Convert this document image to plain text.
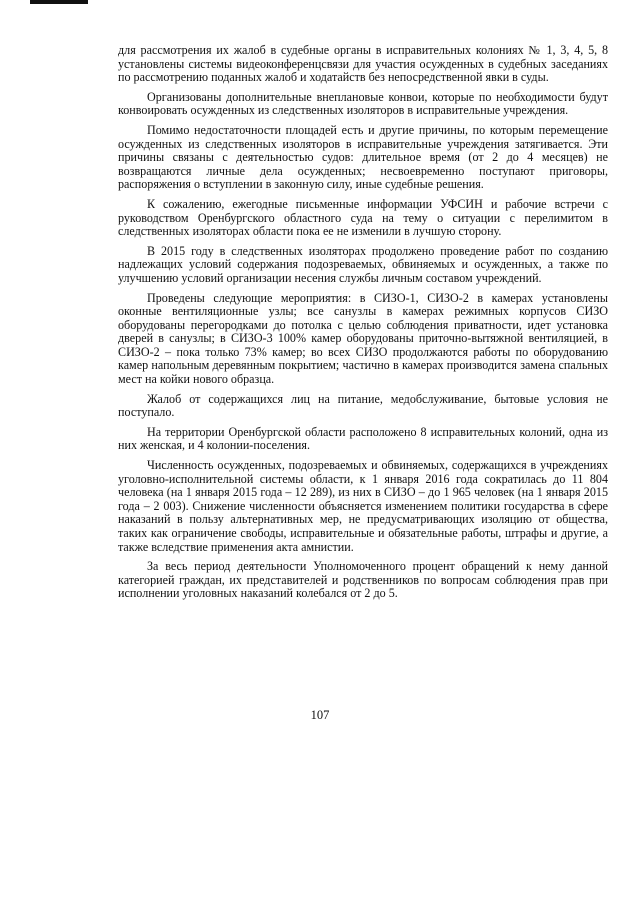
для рассмотрения их жалоб в судебные органы в исправительных колониях № 1, 3, 4, 5, 8 установлены системы видеоконференцсвязи для участия осужденных в судебных заседаниях по рассмотрению поданных жалоб и ходатайств без непосредственной явки в суды.

Организованы дополнительные внеплановые конвои, которые по необходимости будут конвоировать осужденных из следственных изоляторов в исправительные учреждения.

Помимо недостаточности площадей есть и другие причины, по которым перемещение осужденных из следственных изоляторов в исправительные учреждения затягивается. Эти причины связаны с деятельностью судов: длительное время (от 2 до 4 месяцев) не возвращаются личные дела осужденных; несвоевременно поступают приговоры, распоряжения о вступлении в законную силу, иные судебные решения.

К сожалению, ежегодные письменные информации УФСИН и рабочие встречи с руководством Оренбургского областного суда на тему о ситуации с перелимитом в следственных изоляторах области пока ее не изменили в лучшую сторону.

В 2015 году в следственных изоляторах продолжено проведение работ по созданию надлежащих условий содержания подозреваемых, обвиняемых и осужденных, а также по улучшению условий организации несения службы личным составом учреждений.

Проведены следующие мероприятия: в СИЗО-1, СИЗО-2 в камерах установлены оконные вентиляционные узлы; все санузлы в камерах режимных корпусов СИЗО оборудованы перегородками до потолка с целью соблюдения приватности, идет установка дверей в санузлы; в СИЗО-3 100% камер оборудованы приточно-вытяжной вентиляцией, в СИЗО-2 – пока только 73% камер; во всех СИЗО продолжаются работы по оборудованию камер напольным деревянным покрытием; частично в камерах производится замена спальных мест на койки нового образца.

Жалоб от содержащихся лиц на питание, медобслуживание, бытовые условия не поступало.

На территории Оренбургской области расположено 8 исправительных колоний, одна из них женская, и 4 колонии-поселения.

Численность осужденных, подозреваемых и обвиняемых, содержащихся в учреждениях уголовно-исполнительной системы области, к 1 января 2016 года сократилась до 11 804 человека (на 1 января 2015 года – 12 289), из них в СИЗО – до 1 965 человек (на 1 января 2015 года – 2 003). Снижение численности объясняется изменением политики государства в сфере наказаний в пользу альтернативных мер, не предусматривающих изоляцию от общества, таких как ограничение свободы, исправительные и обязательные работы, штрафы и другие, а также вследствие применения акта амнистии.

За весь период деятельности Уполномоченного процент обращений к нему данной категорией граждан, их представителей и родственников по вопросам соблюдения прав при исполнении уголовных наказаний колебался от 2 до 5.

107
